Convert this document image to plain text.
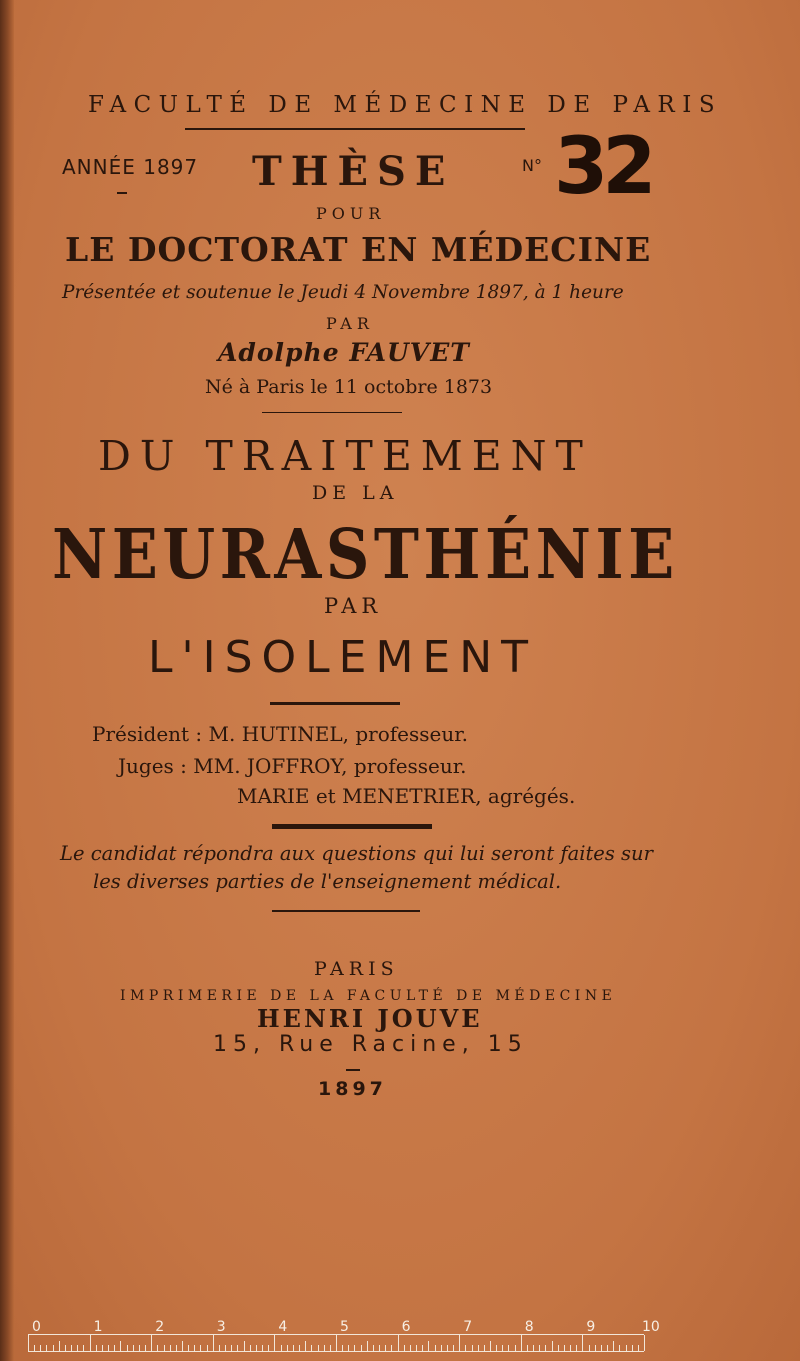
FACULTÉ DE MÉDECINE DE PARIS
ANNÉE 1897 THÈSE	N° 32
POUR
LE DOCTORAT EN MÉDECINE
Présentée et soutenue le Jeudi 4 Novembre 1897, à 1 heure
PAR
Adolphe FAUVET
Né à Paris le 11 octobre 1873
DU TRAITEMENT
DE LA
NEURASTHÉNIE
PAR
L'ISOLEMENT
Président : M. HUTINEL, professeur.
Juges : MM. JOFFROY, professeur.
MARIE et MENETRIER, agrégés.
Le candidat répondra aux questions qui lui seront faites sur
les diverses parties de l'enseignement médical.
PARIS
IMPRIMERIE DE LA FACULTÉ DE MÉDECINE
HENRI JOUVE
15, Rue Racine, 15
1897
0	1	2	3	4	5	6	7	8	9	10
